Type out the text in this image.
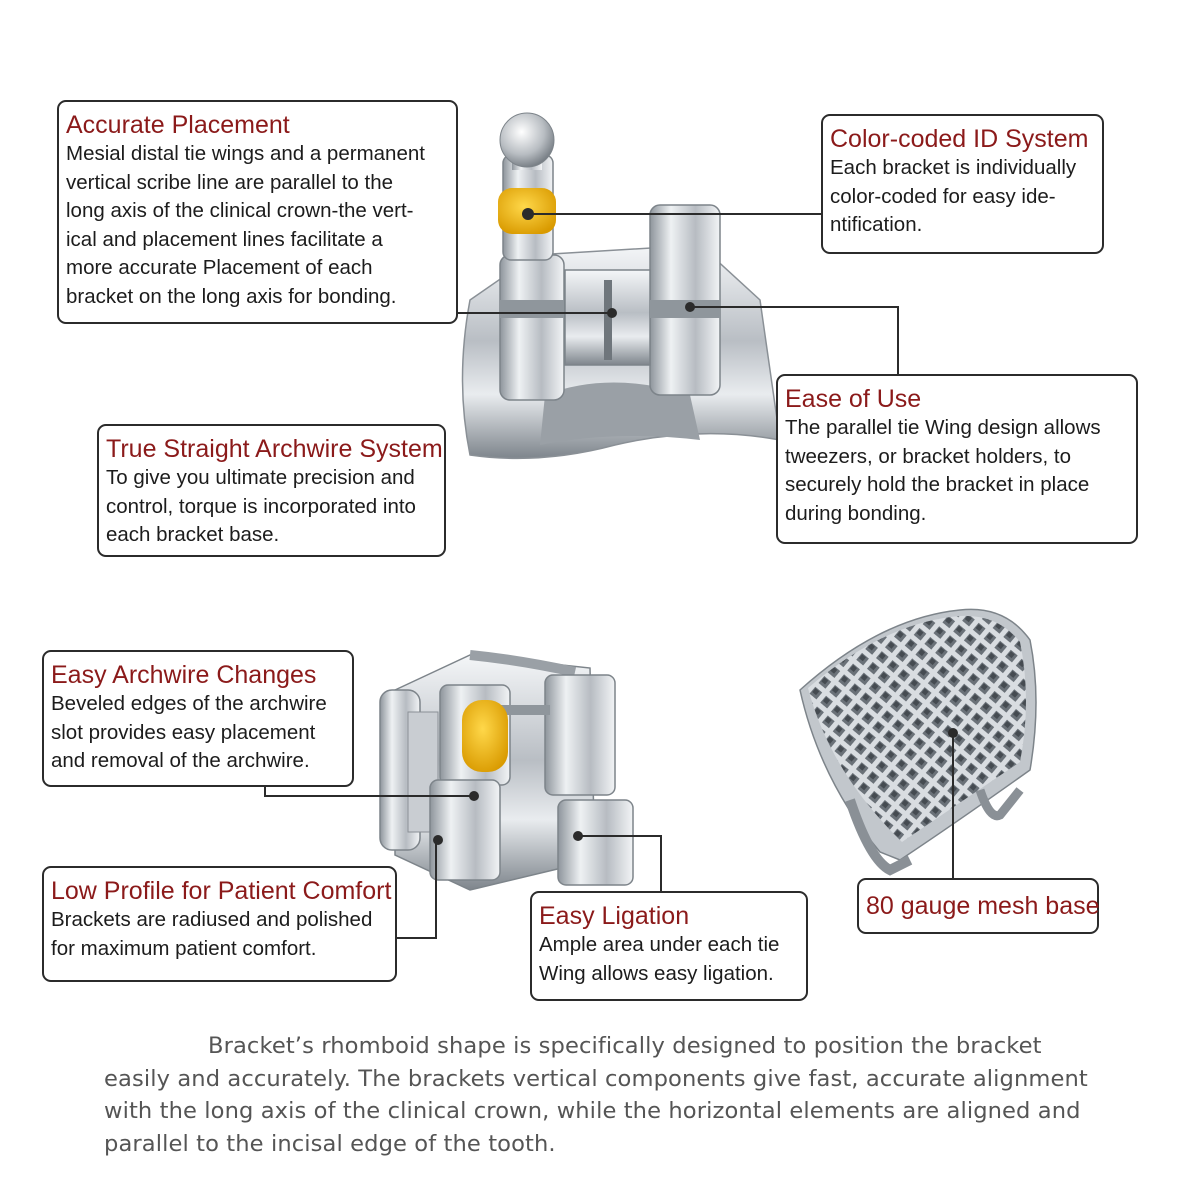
Accurate Placement
Mesial distal tie wings and a permanent
vertical scribe line are parallel to the
long axis of the clinical crown-the vert-
ical and placement lines facilitate a
more accurate Placement of each
bracket on the long axis for bonding.
Color-coded ID System
Each bracket is individually
color-coded for easy ide-
ntification.
Ease of Use
The parallel tie Wing design allows
tweezers, or bracket holders, to
securely hold the bracket in place
during bonding.
True Straight Archwire System
To give you ultimate precision and
control, torque is incorporated into
each bracket base.
Easy Archwire Changes
Beveled edges of the archwire
slot provides easy placement
and removal of the archwire.
Low Profile for Patient Comfort
Brackets are radiused and polished
for maximum patient comfort.
Easy Ligation
Ample area under each tie
Wing allows easy ligation.
80 gauge mesh base
Bracket’s rhomboid shape is specifically designed to position the bracket easily and accurately. The brackets vertical components give fast, accurate alignment with the long axis of the clinical crown, while the horizontal elements are aligned and parallel to the incisal edge of the tooth.
